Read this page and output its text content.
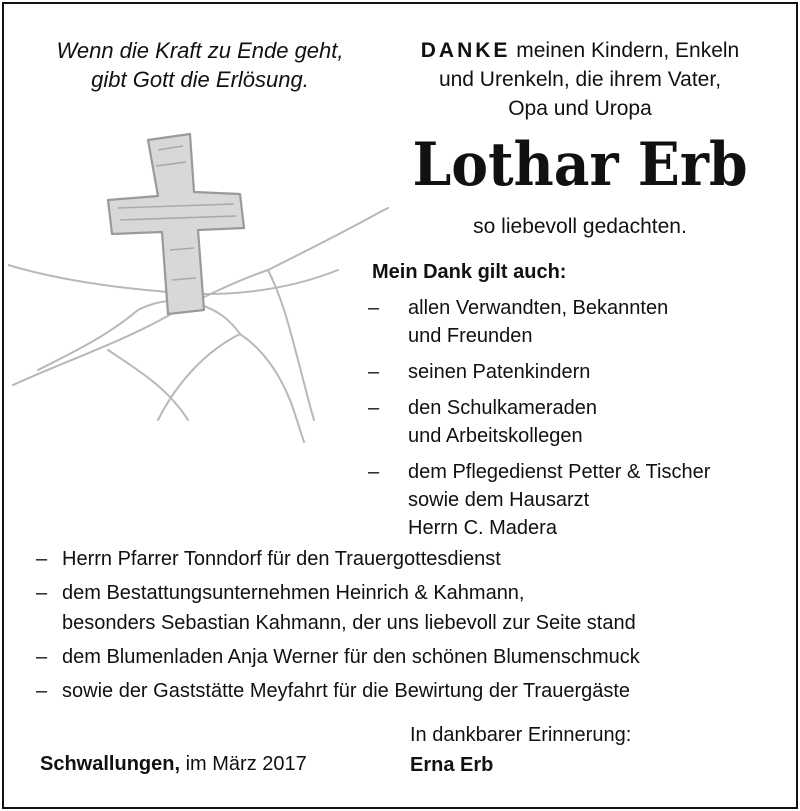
Wenn die Kraft zu Ende geht,
gibt Gott die Erlösung.
DANKE meinen Kindern, Enkeln
und Urenkeln, die ihrem Vater,
Opa und Uropa
Lothar Erb
so liebevoll gedachten.
Mein Dank gilt auch:
– allen Verwandten, Bekannten
und Freunden
– seinen Patenkindern
– den Schulkameraden
und Arbeitskollegen
– dem Pflegedienst Petter & Tischer
sowie dem Hausarzt
Herrn C. Madera
– Herrn Pfarrer Tonndorf für den Trauergottesdienst
– dem Bestattungsunternehmen Heinrich & Kahmann,
besonders Sebastian Kahmann, der uns liebevoll zur Seite stand
– dem Blumenladen Anja Werner für den schönen Blumenschmuck
– sowie der Gaststätte Meyfahrt für die Bewirtung der Trauergäste
Schwallungen, im März 2017
In dankbarer Erinnerung:
Erna Erb
